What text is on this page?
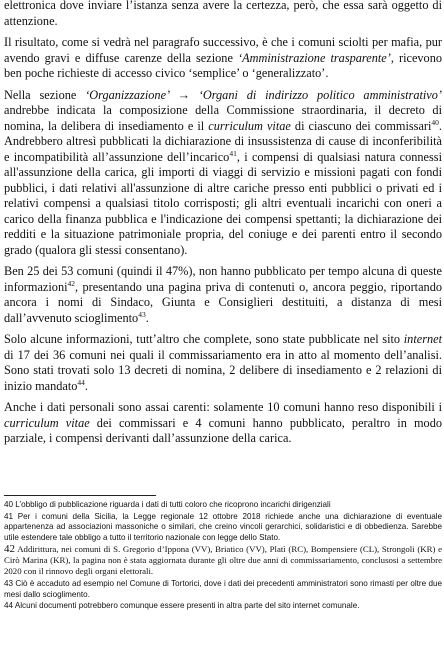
elettronica dove inviare l’istanza senza avere la certezza, però, che essa sarà oggetto di attenzione.

Il risultato, come si vedrà nel paragrafo successivo, è che i comuni sciolti per mafia, pur avendo gravi e diffuse carenze della sezione ‘Amministrazione trasparente’, ricevono ben poche richieste di accesso civico ‘semplice’ o ‘generalizzato’.

Nella sezione ‘Organizzazione’ → ‘Organi di indirizzo politico amministrativo’ andrebbe indicata la composizione della Commissione straordinaria, il decreto di nomina, la delibera di insediamento e il curriculum vitae di ciascuno dei commissari$^{40}$. Andrebbero altresì pubblicati la dichiarazione di insussistenza di cause di inconferibilità e incompatibilità all’assunzione dell’incarico$^{41}$, i compensi di qualsiasi natura connessi all'assunzione della carica, gli importi di viaggi di servizio e missioni pagati con fondi pubblici, i dati relativi all'assunzione di altre cariche presso enti pubblici o privati ed i relativi compensi a qualsiasi titolo corrisposti; gli altri eventuali incarichi con oneri a carico della finanza pubblica e l'indicazione dei compensi spettanti; la dichiarazione dei redditi e la situazione patrimoniale propria, del coniuge e dei parenti entro il secondo grado (qualora gli stessi consentano).

Ben 25 dei 53 comuni (quindi il 47%), non hanno pubblicato per tempo alcuna di queste informazioni$^{42}$, presentando una pagina priva di contenuti o, ancora peggio, riportando ancora i nomi di Sindaco, Giunta e Consiglieri destituiti, a distanza di mesi dall’avvenuto scioglimento$^{43}$.

Solo alcune informazioni, tutt’altro che complete, sono state pubblicate nel sito internet di 17 dei 36 comuni nei quali il commissariamento era in atto al momento dell’analisi. Sono stati trovati solo 13 decreti di nomina, 2 delibere di insediamento e 2 relazioni di inizio mandato$^{44}$.

Anche i dati personali sono assai carenti: solamente 10 comuni hanno reso disponibili i curriculum vitae dei commissari e 4 comuni hanno pubblicato, peraltro in modo parziale, i compensi derivanti dall’assunzione della carica.

40 L’obbligo di pubblicazione riguarda i dati di tutti coloro che ricoprono incarichi dirigenziali
41 Per i comuni della Sicilia, la Legge regionale 12 ottobre 2018 richiede anche una dichiarazione di eventuale appartenenza ad associazioni massoniche o similari, che creino vincoli gerarchici, solidaristici e di obbedienza. Sarebbe utile estendere tale obbligo a tutto il territorio nazionale con legge dello Stato.
42 Addirittura, nei comuni di S. Gregorio d’Ippona (VV), Briatico (VV), Platì (RC), Bompensiere (CL), Strongoli (KR) e Cirò Marina (KR), la pagina non è stata aggiornata durante gli oltre due anni di commissariamento, conclusosi a settembre 2020 con il rinnovo degli organi elettorali.
43 Ciò è accaduto ad esempio nel Comune di Tortorici, dove i dati dei precedenti amministratori sono rimasti per oltre due mesi dallo scioglimento.
44 Alcuni documenti potrebbero comunque essere presenti in altra parte del sito internet comunale.
